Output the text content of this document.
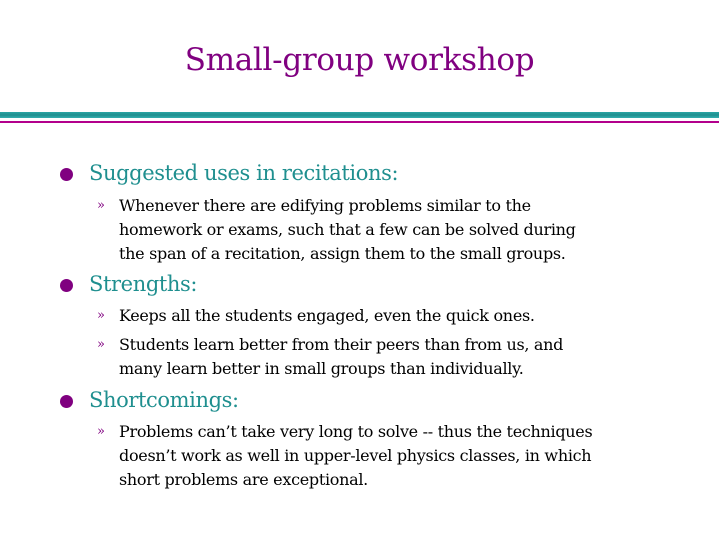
Small-group workshop
Suggested uses in recitations:
» Whenever there are edifying problems similar to the
homework or exams, such that a few can be solved during
the span of a recitation, assign them to the small groups.
Strengths:
» Keeps all the students engaged, even the quick ones.
» Students learn better from their peers than from us, and
many learn better in small groups than individually.
Shortcomings:
» Problems can’t take very long to solve -- thus the techniques
doesn’t work as well in upper-level physics classes, in which
short problems are exceptional.
